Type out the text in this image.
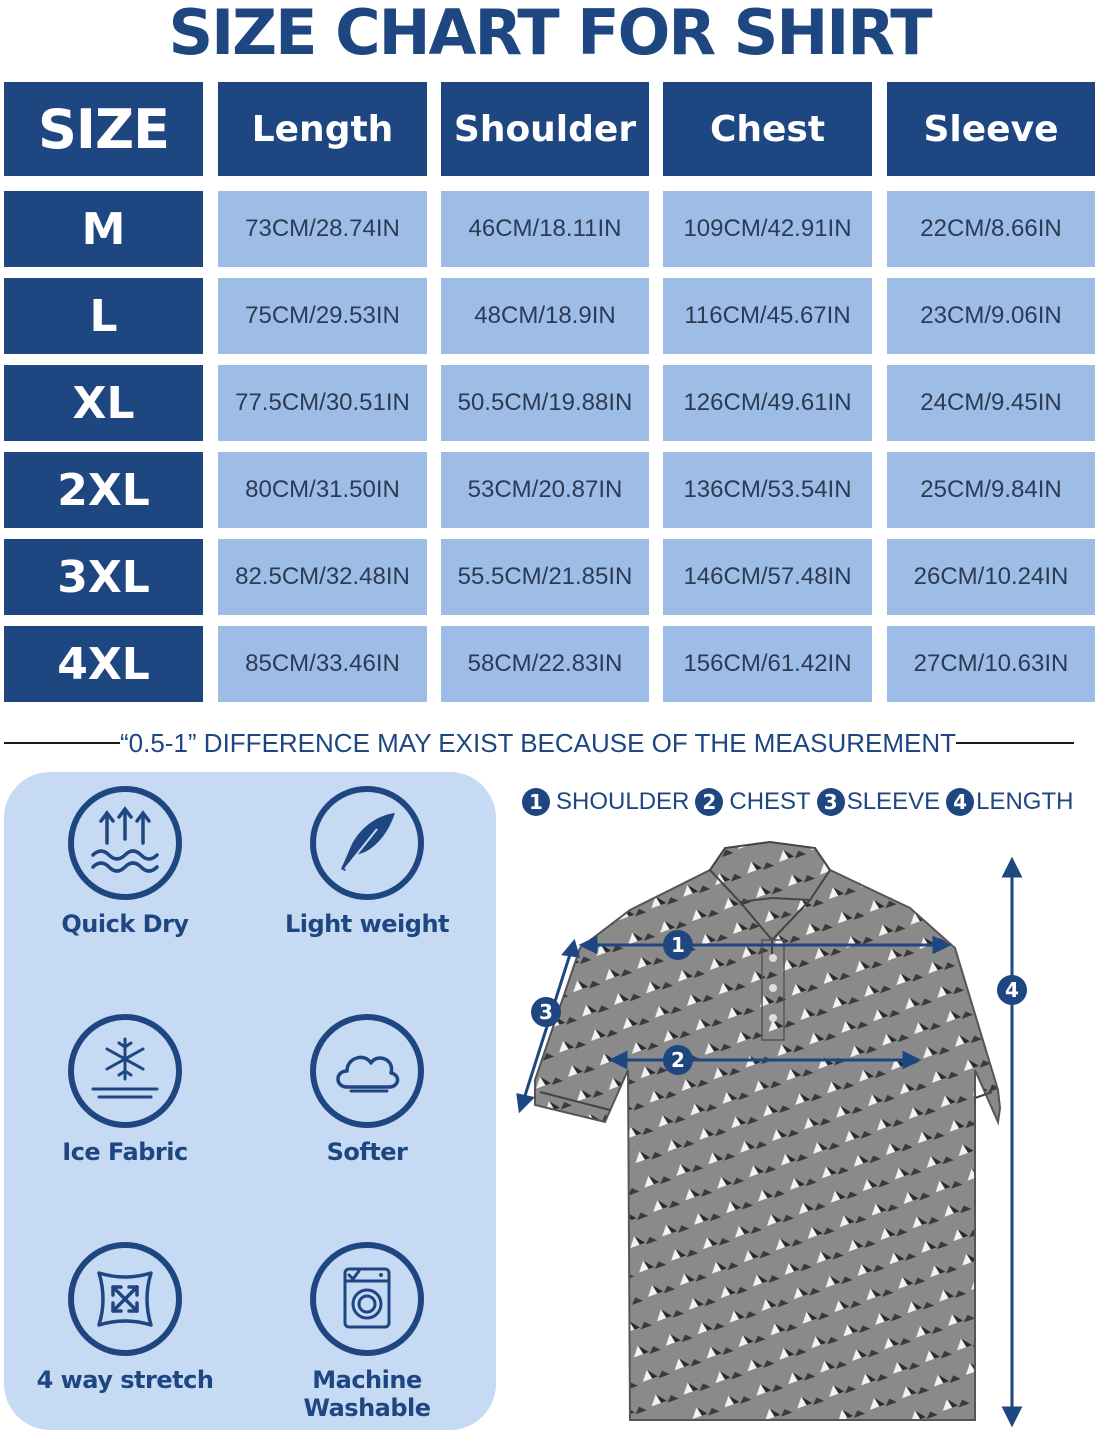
SIZE CHART FOR SHIRT
SIZE	Length	Shoulder	Chest	Sleeve
M	73CM/28.74IN	46CM/18.11IN	109CM/42.91IN	22CM/8.66IN
L	75CM/29.53IN	48CM/18.9IN	116CM/45.67IN	23CM/9.06IN
XL	77.5CM/30.51IN	50.5CM/19.88IN	126CM/49.61IN	24CM/9.45IN
2XL	80CM/31.50IN	53CM/20.87IN	136CM/53.54IN	25CM/9.84IN
3XL	82.5CM/32.48IN	55.5CM/21.85IN	146CM/57.48IN	26CM/10.24IN
4XL	85CM/33.46IN	58CM/22.83IN	156CM/61.42IN	27CM/10.63IN
“0.5-1” DIFFERENCE MAY EXIST BECAUSE OF THE MEASUREMENT
Quick Dry	Light weight
Ice Fabric	Softer
4 way stretch	Machine Washable
1 SHOULDER 2 CHEST 3 SLEEVE 4 LENGTH
1
2
3
4
